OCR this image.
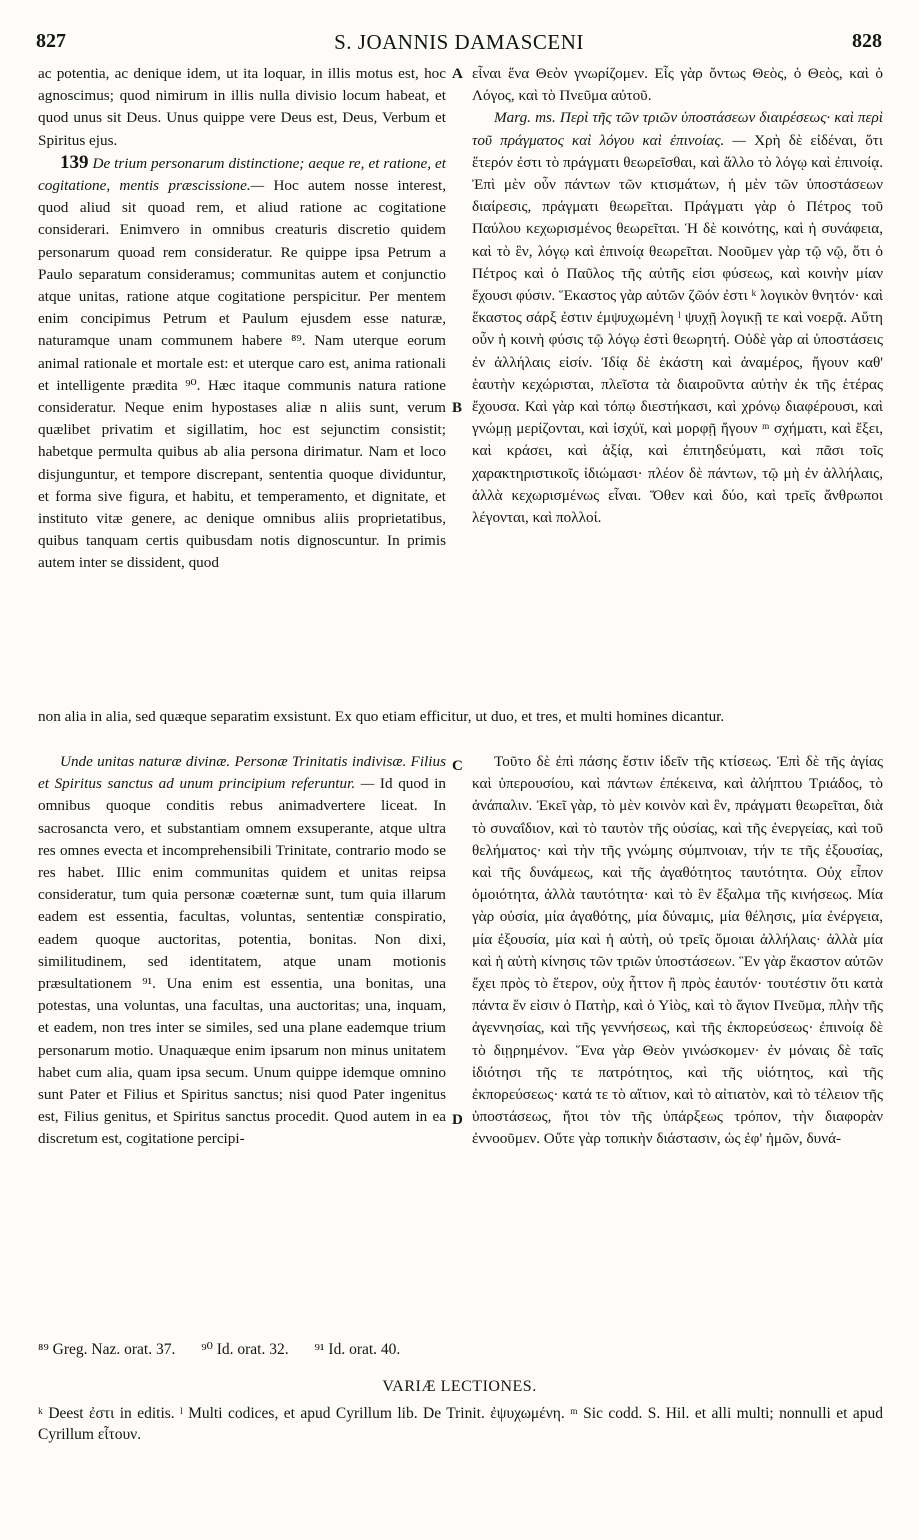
827	S. JOANNIS DAMASCENI	828

ac potentia, ac denique idem, ut ita loquar, in illis motus est, hoc agnoscimus; quod nimirum in illis nulla divisio locum habeat, et quod unus sit Deus. Unus quippe vere Deus est, Deus, Verbum et Spiritus ejus.

139 De trium personarum distinctione; aeque re, et ratione, et cogitatione, mentis præscissione.— Hoc autem nosse interest, quod aliud sit quoad rem, et aliud ratione ac cogitatione considerari. Enimvero in omnibus creaturis discretio quidem personarum quoad rem consideratur. Re quippe ipsa Petrum a Paulo separatum consideramus; communitas autem et conjunctio atque unitas, ratione atque cogitatione perspicitur. Per mentem enim concipimus Petrum et Paulum ejusdem esse naturæ, naturamque unam communem habere ⁸⁹. Nam uterque eorum animal rationale et mortale est: et uterque caro est, anima rationali et intelligente prædita ⁹⁰. Hæc itaque communis natura ratione consideratur. Neque enim hypostases aliæ n aliis sunt, verum quælibet privatim et sigillatim, hoc est sejunctim consistit; habetque permulta quibus ab alia persona dirimatur. Nam et loco disjunguntur, et tempore discrepant, sententia quoque dividuntur, et forma sive figura, et habitu, et temperamento, et dignitate, et instituto vitæ genere, ac denique omnibus aliis proprietatibus, quibus tanquam certis quibusdam notis dignoscuntur. In primis autem inter se dissident, quod

εἶναι ἕνα Θεὸν γνωρίζομεν. Εἷς γὰρ ὄντως Θεὸς, ὁ Θεὸς, καὶ ὁ Λόγος, καὶ τὸ Πνεῦμα αὐτοῦ.

Marg. ms. Περὶ τῆς τῶν τριῶν ὑποστάσεων διαιρέσεως· καὶ περὶ τοῦ πράγματος καὶ λόγου καὶ ἐπινοίας. — Χρὴ δὲ εἰδέναι, ὅτι ἕτερόν ἐστι τὸ πράγματι θεωρεῖσθαι, καὶ ἄλλο τὸ λόγῳ καὶ ἐπινοίᾳ. Ἐπὶ μὲν οὖν πάντων τῶν κτισμάτων, ἡ μὲν τῶν ὑποστάσεων διαίρεσις, πράγματι θεωρεῖται. Πράγματι γὰρ ὁ Πέτρος τοῦ Παύλου κεχωρισμένος θεωρεῖται. Ἡ δὲ κοινότης, καὶ ἡ συνάφεια, καὶ τὸ ἓν, λόγῳ καὶ ἐπινοίᾳ θεωρεῖται. Νοοῦμεν γὰρ τῷ νῷ, ὅτι ὁ Πέτρος καὶ ὁ Παῦλος τῆς αὐτῆς εἰσι φύσεως, καὶ κοινὴν μίαν ἔχουσι φύσιν. Ἕκαστος γὰρ αὐτῶν ζῶόν ἐστι ᵏ λογικὸν θνητόν· καὶ ἕκαστος σάρξ ἐστιν ἐμψυχωμένη ˡ ψυχῇ λογικῇ τε καὶ νοερᾷ. Αὕτη οὖν ἡ κοινὴ φύσις τῷ λόγῳ ἐστὶ θεωρητή. Οὐδὲ γὰρ αἱ ὑποστάσεις ἐν ἀλλήλαις εἰσίν. Ἰδίᾳ δὲ ἑκάστη καὶ ἀναμέρος, ἤγουν καθ' ἑαυτὴν κεχώρισται, πλεῖστα τὰ διαιροῦντα αὐτὴν ἐκ τῆς ἑτέρας ἔχουσα. Καὶ γὰρ καὶ τόπῳ διεστήκασι, καὶ χρόνῳ διαφέρουσι, καὶ γνώμῃ μερίζονται, καὶ ἰσχύϊ, καὶ μορφῇ ἤγουν ᵐ σχήματι, καὶ ἕξει, καὶ κράσει, καὶ ἀξίᾳ, καὶ ἐπιτηδεύματι, καὶ πᾶσι τοῖς χαρακτηριστικοῖς ἰδιώμασι· πλέον δὲ πάντων, τῷ μὴ ἐν ἀλλήλαις, ἀλλὰ κεχωρισμένως εἶναι. Ὅθεν καὶ δύο, καὶ τρεῖς ἄνθρωποι λέγονται, καὶ πολλοί.

non alia in alia, sed quæque separatim exsistunt. Ex quo etiam efficitur, ut duo, et tres, et multi homines dicantur.

Unde unitas naturæ divinæ. Personæ Trinitatis indivisæ. Filius et Spiritus sanctus ad unum principium referuntur. — Id quod in omnibus quoque conditis rebus animadvertere liceat. In sacrosancta vero, et substantiam omnem exsuperante, atque ultra res omnes evecta et incomprehensibili Trinitate, contrario modo se res habet. Illic enim communitas quidem et unitas reipsa consideratur, tum quia personæ coæternæ sunt, tum quia illarum eadem est essentia, facultas, voluntas, sententiæ conspiratio, eadem quoque auctoritas, potentia, bonitas. Non dixi, similitudinem, sed identitatem, atque unam motionis præsultationem ⁹¹. Una enim est essentia, una bonitas, una potestas, una voluntas, una facultas, una auctoritas; una, inquam, et eadem, non tres inter se similes, sed una plane eademque trium personarum motio. Unaquæque enim ipsarum non minus unitatem habet cum alia, quam ipsa secum. Unum quippe idemque omnino sunt Pater et Filius et Spiritus sanctus; nisi quod Pater ingenitus est, Filius genitus, et Spiritus sanctus procedit. Quod autem in ea discretum est, cogitatione percipi-

Τοῦτο δὲ ἐπὶ πάσης ἔστιν ἰδεῖν τῆς κτίσεως. Ἐπὶ δὲ τῆς ἁγίας καὶ ὑπερουσίου, καὶ πάντων ἐπέκεινα, καὶ ἀλήπτου Τριάδος, τὸ ἀνάπαλιν. Ἐκεῖ γὰρ, τὸ μὲν κοινὸν καὶ ἓν, πράγματι θεωρεῖται, διὰ τὸ συναΐδιον, καὶ τὸ ταυτὸν τῆς οὐσίας, καὶ τῆς ἐνεργείας, καὶ τοῦ θελήματος· καὶ τὴν τῆς γνώμης σύμπνοιαν, τήν τε τῆς ἐξουσίας, καὶ τῆς δυνάμεως, καὶ τῆς ἀγαθότητος ταυτότητα. Οὐχ εἶπον ὁμοιότητα, ἀλλὰ ταυτότητα· καὶ τὸ ἓν ἔξαλμα τῆς κινήσεως. Μία γὰρ οὐσία, μία ἀγαθότης, μία δύναμις, μία θέλησις, μία ἐνέργεια, μία ἐξουσία, μία καὶ ἡ αὐτὴ, οὐ τρεῖς ὅμοιαι ἀλλήλαις· ἀλλὰ μία καὶ ἡ αὐτὴ κίνησις τῶν τριῶν ὑποστάσεων. Ἓν γὰρ ἕκαστον αὐτῶν ἔχει πρὸς τὸ ἕτερον, οὐχ ἧττον ἢ πρὸς ἑαυτόν· τουτέστιν ὅτι κατὰ πάντα ἕν εἰσιν ὁ Πατὴρ, καὶ ὁ Υἱὸς, καὶ τὸ ἅγιον Πνεῦμα, πλὴν τῆς ἀγεννησίας, καὶ τῆς γεννήσεως, καὶ τῆς ἐκπορεύσεως· ἐπινοίᾳ δὲ τὸ διῃρημένον. Ἕνα γὰρ Θεὸν γινώσκομεν· ἐν μόναις δὲ ταῖς ἰδιότησι τῆς τε πατρότητος, καὶ τῆς υἱότητος, καὶ τῆς ἐκπορεύσεως· κατά τε τὸ αἴτιον, καὶ τὸ αἰτιατὸν, καὶ τὸ τέλειον τῆς ὑποστάσεως, ἤτοι τὸν τῆς ὑπάρξεως τρόπον, τὴν διαφορὰν ἐννοοῦμεν. Οὔτε γὰρ τοπικὴν διάστασιν, ὡς ἐφ' ἡμῶν, δυνά-

A
B
C
D
⁸⁹ Greg. Naz. orat. 37. ⁹⁰ Id. orat. 32. ⁹¹ Id. orat. 40.
VARIÆ LECTIONES.
ᵏ Deest ἐστι in editis. ˡ Multi codices, et apud Cyrillum lib. De Trinit. ἐψυχωμένη. ᵐ Sic codd. S. Hil. et alli multi; nonnulli et apud Cyrillum εἶτουν.
